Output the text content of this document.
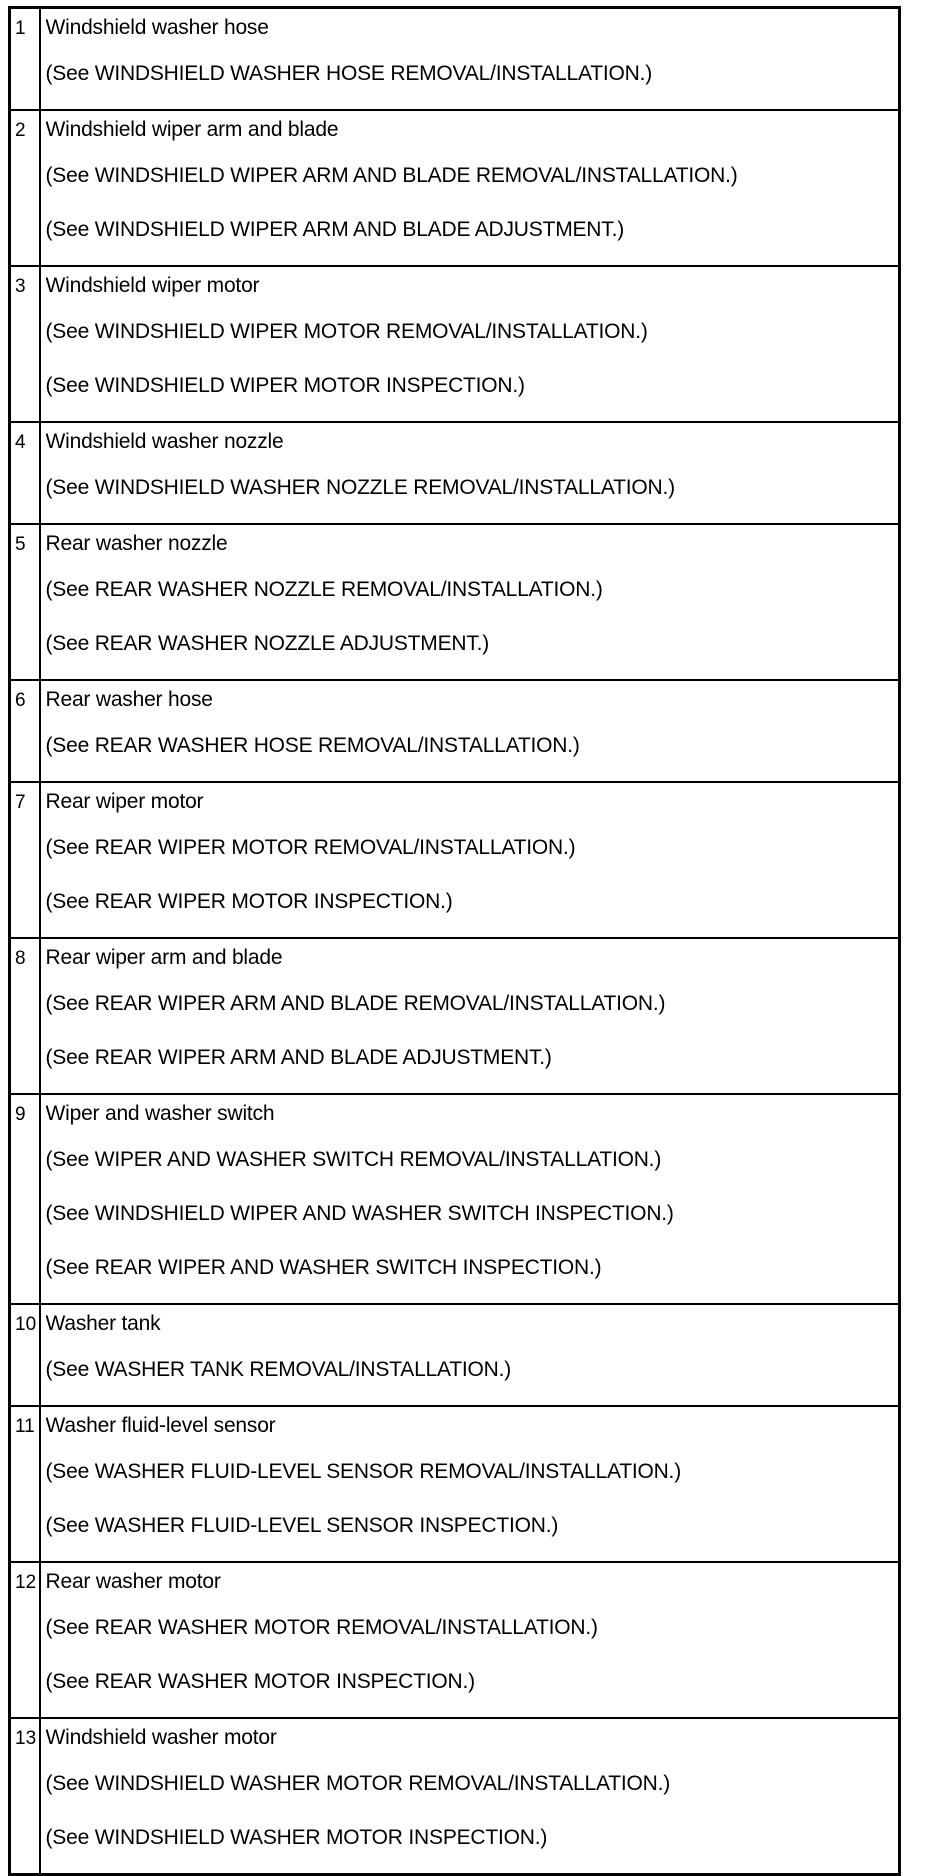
1	Windshield washer hose
(See WINDSHIELD WASHER HOSE REMOVAL/INSTALLATION.)

2	Windshield wiper arm and blade
(See WINDSHIELD WIPER ARM AND BLADE REMOVAL/INSTALLATION.)
(See WINDSHIELD WIPER ARM AND BLADE ADJUSTMENT.)

3	Windshield wiper motor
(See WINDSHIELD WIPER MOTOR REMOVAL/INSTALLATION.)
(See WINDSHIELD WIPER MOTOR INSPECTION.)

4	Windshield washer nozzle
(See WINDSHIELD WASHER NOZZLE REMOVAL/INSTALLATION.)

5	Rear washer nozzle
(See REAR WASHER NOZZLE REMOVAL/INSTALLATION.)
(See REAR WASHER NOZZLE ADJUSTMENT.)

6	Rear washer hose
(See REAR WASHER HOSE REMOVAL/INSTALLATION.)

7	Rear wiper motor
(See REAR WIPER MOTOR REMOVAL/INSTALLATION.)
(See REAR WIPER MOTOR INSPECTION.)

8	Rear wiper arm and blade
(See REAR WIPER ARM AND BLADE REMOVAL/INSTALLATION.)
(See REAR WIPER ARM AND BLADE ADJUSTMENT.)

9	Wiper and washer switch
(See WIPER AND WASHER SWITCH REMOVAL/INSTALLATION.)
(See WINDSHIELD WIPER AND WASHER SWITCH INSPECTION.)
(See REAR WIPER AND WASHER SWITCH INSPECTION.)

10	Washer tank
(See WASHER TANK REMOVAL/INSTALLATION.)

11	Washer fluid-level sensor
(See WASHER FLUID-LEVEL SENSOR REMOVAL/INSTALLATION.)
(See WASHER FLUID-LEVEL SENSOR INSPECTION.)

12	Rear washer motor
(See REAR WASHER MOTOR REMOVAL/INSTALLATION.)
(See REAR WASHER MOTOR INSPECTION.)

13	Windshield washer motor
(See WINDSHIELD WASHER MOTOR REMOVAL/INSTALLATION.)
(See WINDSHIELD WASHER MOTOR INSPECTION.)
